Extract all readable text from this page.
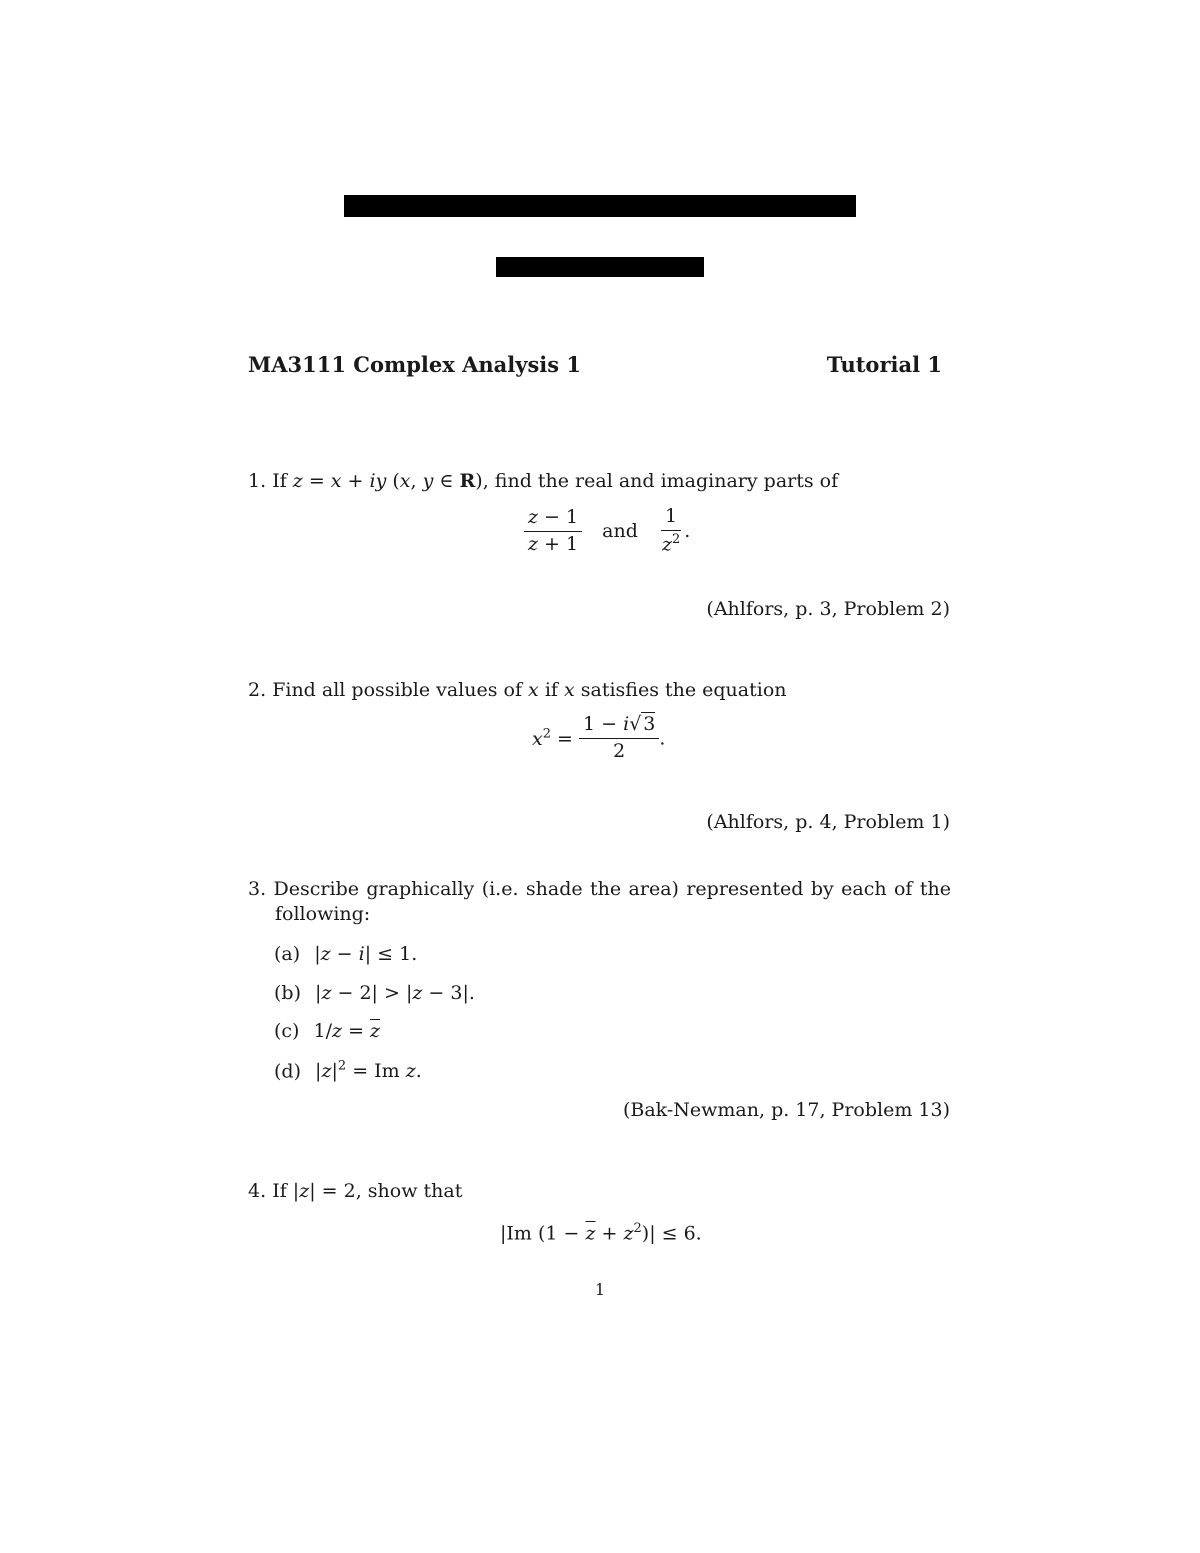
MA3111 Complex Analysis 1	Tutorial 1
1. If z = x + iy (x, y ∈ R), find the real and imaginary parts of
$\frac{z - 1}{z + 1}$ and $\frac{1}{z^2}$ .
(Ahlfors, p. 3, Problem 2)
2. Find all possible values of x if x satisfies the equation
$x^2 = \frac{1 - i√ 3}{2}$ .
(Ahlfors, p. 4, Problem 1)
3. Describe graphically (i.e. shade the area) represented by each of the
following:
(a) |z − i| ≤ 1.
(b) |z − 2| > |z − 3|.
(c) $1/z = \overline{z}$
(d) $|z|^2 = Im$ z.
(Bak-Newman, p. 17, Problem 13)
4. If |z| = 2, show that
|Im $(1 - \overline{z} + z^2)| \le 6$.
1
